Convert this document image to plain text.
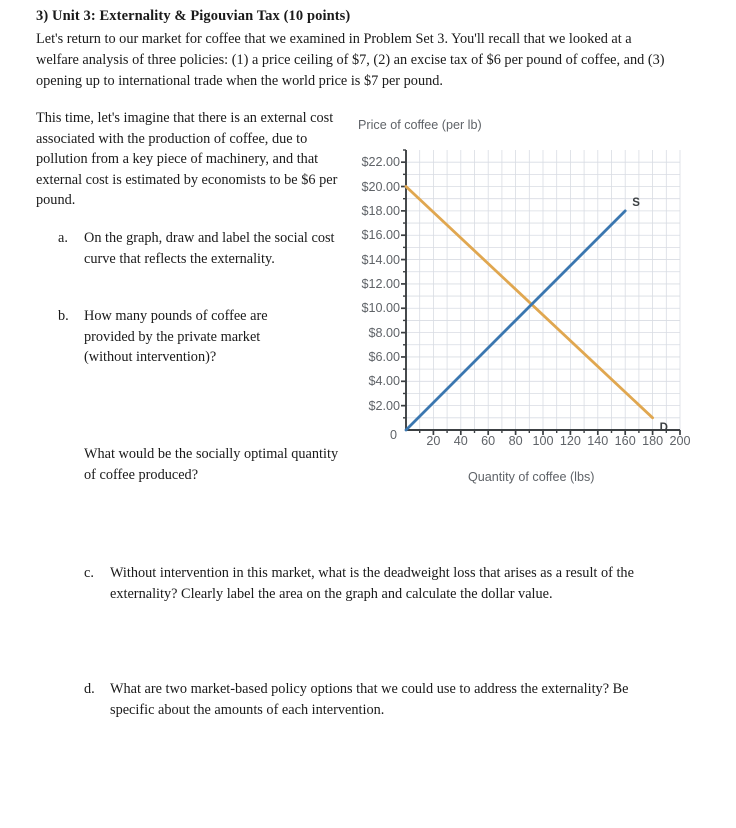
3) Unit 3: Externality & Pigouvian Tax (10 points)
Let's return to our market for coffee that we examined in Problem Set 3. You'll recall that we looked at a welfare analysis of three policies: (1) a price ceiling of $7, (2) an excise tax of $6 per pound of coffee, and (3) opening up to international trade when the world price is $7 per pound.
This time, let's imagine that there is an external cost associated with the production of coffee, due to pollution from a key piece of machinery, and that external cost is estimated by economists to be $6 per pound.
a.	On the graph, draw and label the social cost curve that reflects the externality.
b.	How many pounds of coffee are provided by the private market (without intervention)?
What would be the socially optimal quantity of coffee produced?
c.	Without intervention in this market, what is the deadweight loss that arises as a result of the externality? Clearly label the area on the graph and calculate the dollar value.
d.	What are two market-based policy options that we could use to address the externality? Be specific about the amounts of each intervention.
Price of coffee (per lb)
$22.00
$20.00
$18.00
$16.00
$14.00
$12.00
$10.00
$8.00
$6.00
$4.00
$2.00
0 20 40 60 80 100 120 140 160 180 200
D
S
Quantity of coffee (lbs)
